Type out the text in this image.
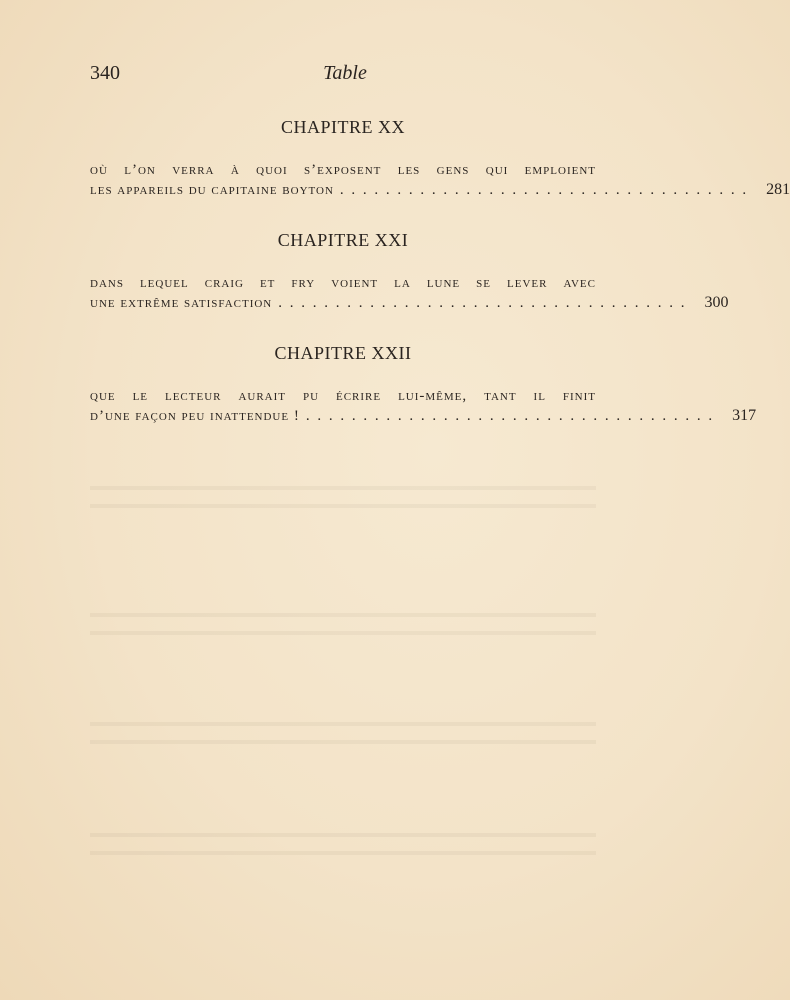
340	Table
CHAPITRE XX
où l’on verra à quoi s’exposent les gens qui emploient
les appareils du capitaine boyton . . . . . . . . . . . . . . . . . . . . . . . . . . . . . . . . . . . . 281
CHAPITRE XXI
dans lequel craig et fry voient la lune se lever avec
une extrême satisfaction . . . . . . . . . . . . . . . . . . . . . . . . . . . . . . . . . . . . 300
CHAPITRE XXII
que le lecteur aurait pu écrire lui-même, tant il finit
d’une façon peu inattendue ! . . . . . . . . . . . . . . . . . . . . . . . . . . . . . . . . . . . . 317
